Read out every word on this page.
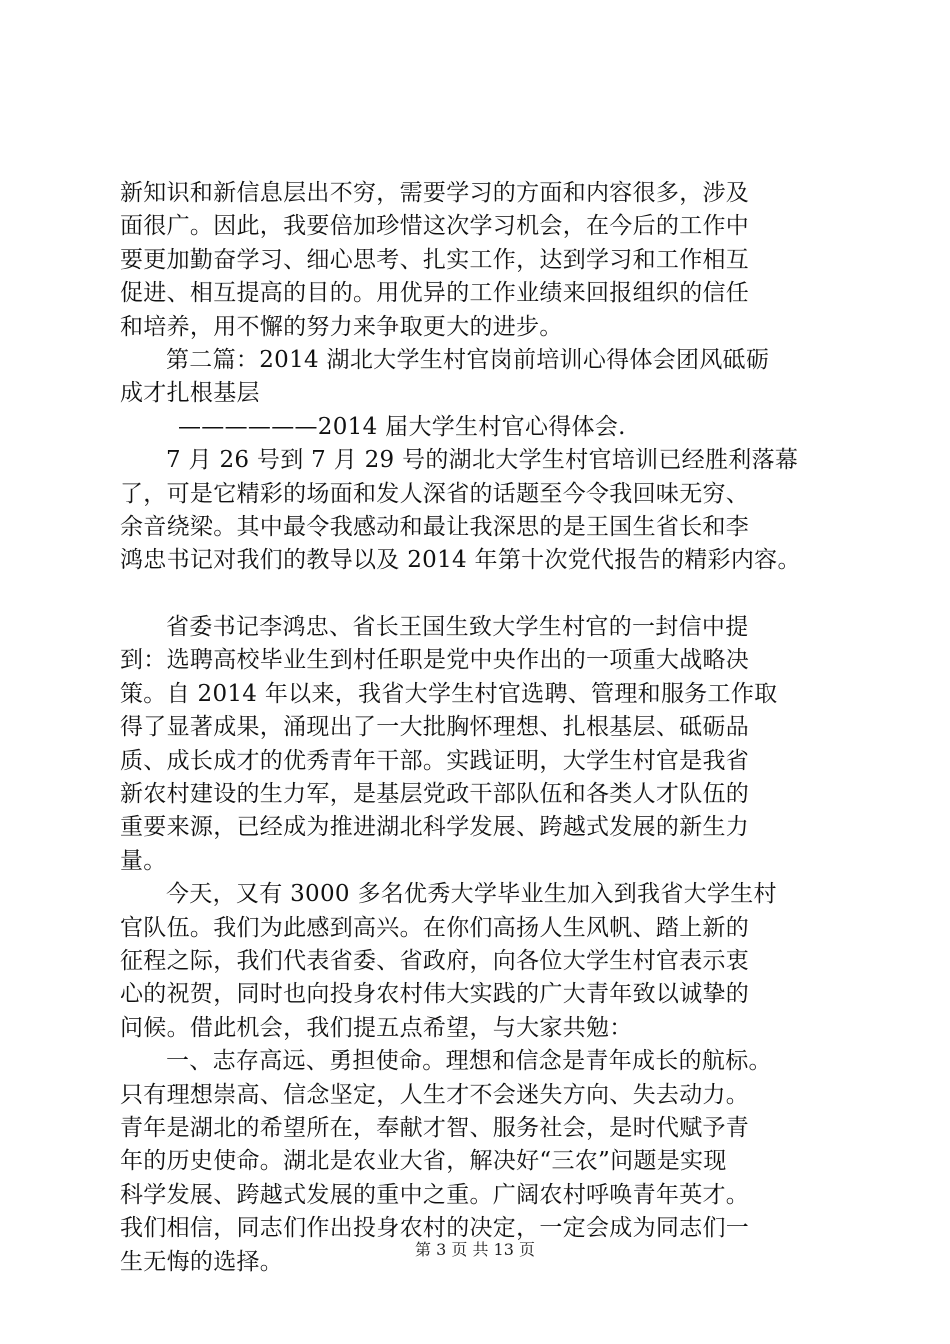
新知识和新信息层出不穷，需要学习的方面和内容很多，涉及
面很广。因此，我要倍加珍惜这次学习机会，在今后的工作中
要更加勤奋学习、细心思考、扎实工作，达到学习和工作相互
促进、相互提高的目的。用优异的工作业绩来回报组织的信任
和培养，用不懈的努力来争取更大的进步。
第二篇：2014 湖北大学生村官岗前培训心得体会团风砥砺
成才扎根基层
——————2014 届大学生村官心得体会.
7 月 26 号到 7 月 29 号的湖北大学生村官培训已经胜利落幕
了，可是它精彩的场面和发人深省的话题至今令我回味无穷、
余音绕梁。其中最令我感动和最让我深思的是王国生省长和李
鸿忠书记对我们的教导以及 2014 年第十次党代报告的精彩内容。
省委书记李鸿忠、省长王国生致大学生村官的一封信中提
到：选聘高校毕业生到村任职是党中央作出的一项重大战略决
策。自 2014 年以来，我省大学生村官选聘、管理和服务工作取
得了显著成果，涌现出了一大批胸怀理想、扎根基层、砥砺品
质、成长成才的优秀青年干部。实践证明，大学生村官是我省
新农村建设的生力军，是基层党政干部队伍和各类人才队伍的
重要来源，已经成为推进湖北科学发展、跨越式发展的新生力
量。
今天，又有 3000 多名优秀大学毕业生加入到我省大学生村
官队伍。我们为此感到高兴。在你们高扬人生风帆、踏上新的
征程之际，我们代表省委、省政府，向各位大学生村官表示衷
心的祝贺，同时也向投身农村伟大实践的广大青年致以诚挚的
问候。借此机会，我们提五点希望，与大家共勉：
一、志存高远、勇担使命。理想和信念是青年成长的航标。
只有理想崇高、信念坚定，人生才不会迷失方向、失去动力。
青年是湖北的希望所在，奉献才智、服务社会，是时代赋予青
年的历史使命。湖北是农业大省，解决好“三农”问题是实现
科学发展、跨越式发展的重中之重。广阔农村呼唤青年英才。
我们相信，同志们作出投身农村的决定，一定会成为同志们一
生无悔的选择。	第 3 页 共 13 页
